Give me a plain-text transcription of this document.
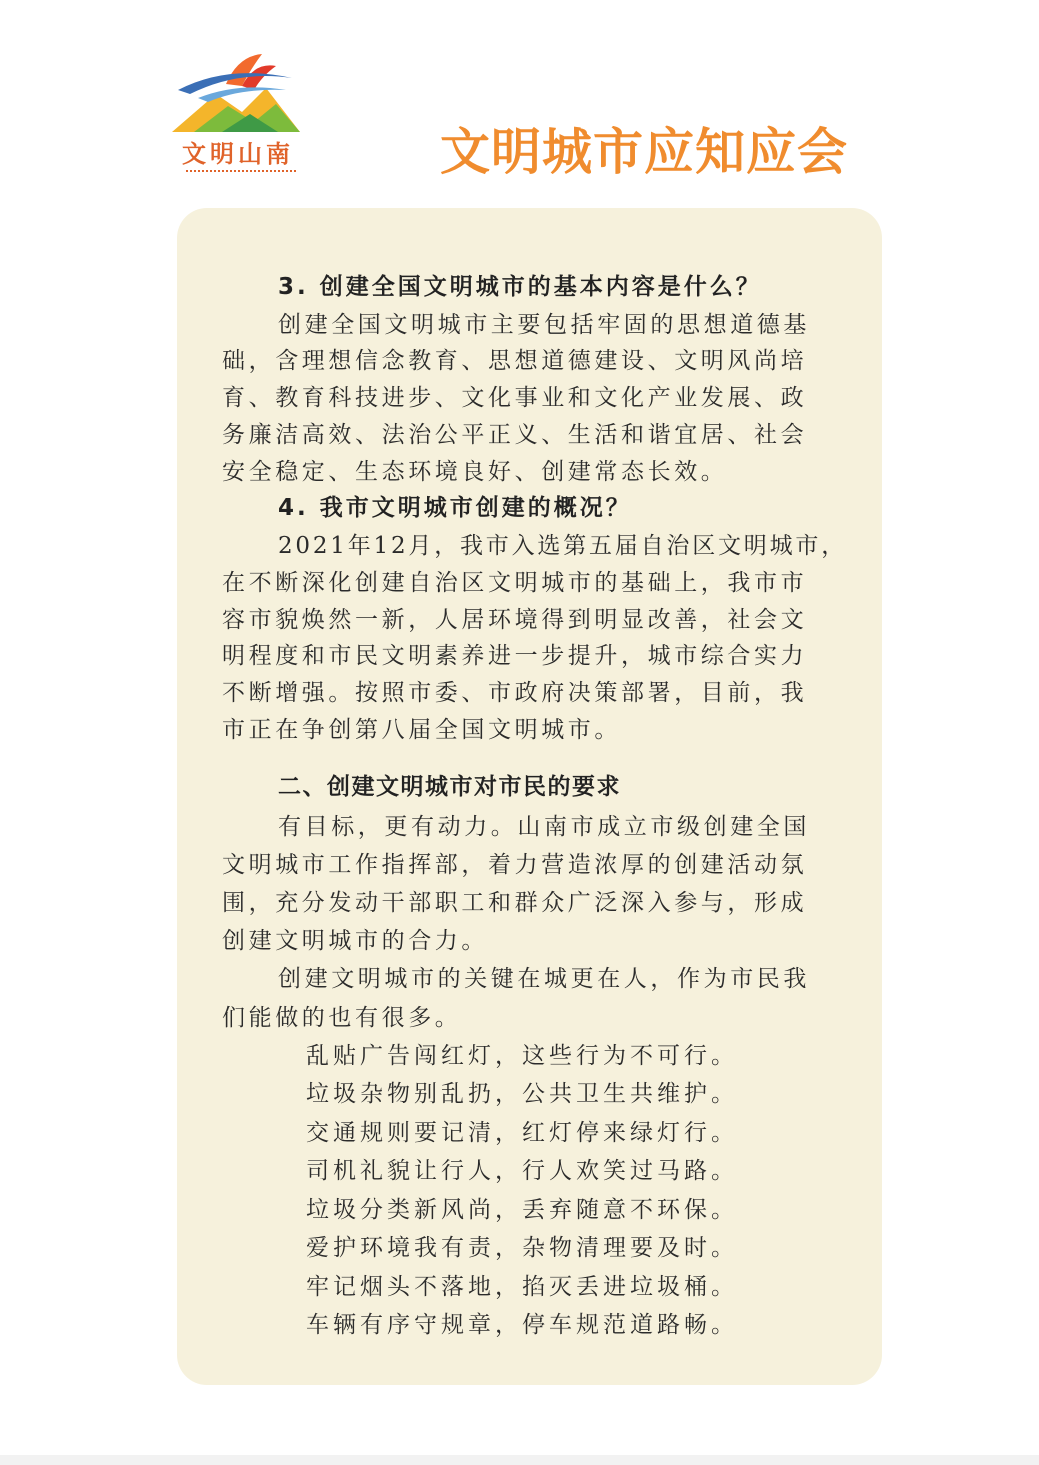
文明山南	文明城市应知应会
3. 创建全国文明城市的基本内容是什么？
创建全国文明城市主要包括牢固的思想道德基
础，含理想信念教育、思想道德建设、文明风尚培
育、教育科技进步、文化事业和文化产业发展、政
务廉洁高效、法治公平正义、生活和谐宜居、社会
安全稳定、生态环境良好、创建常态长效。
4. 我市文明城市创建的概况？
2021年12月，我市入选第五届自治区文明城市，
在不断深化创建自治区文明城市的基础上，我市市
容市貌焕然一新，人居环境得到明显改善，社会文
明程度和市民文明素养进一步提升，城市综合实力
不断增强。按照市委、市政府决策部署，目前，我
市正在争创第八届全国文明城市。
二、创建文明城市对市民的要求
有目标，更有动力。山南市成立市级创建全国
文明城市工作指挥部，着力营造浓厚的创建活动氛
围，充分发动干部职工和群众广泛深入参与，形成
创建文明城市的合力。
创建文明城市的关键在城更在人，作为市民我
们能做的也有很多。
乱贴广告闯红灯，这些行为不可行。
垃圾杂物别乱扔，公共卫生共维护。
交通规则要记清，红灯停来绿灯行。
司机礼貌让行人，行人欢笑过马路。
垃圾分类新风尚，丢弃随意不环保。
爱护环境我有责，杂物清理要及时。
牢记烟头不落地，掐灭丢进垃圾桶。
车辆有序守规章，停车规范道路畅。
